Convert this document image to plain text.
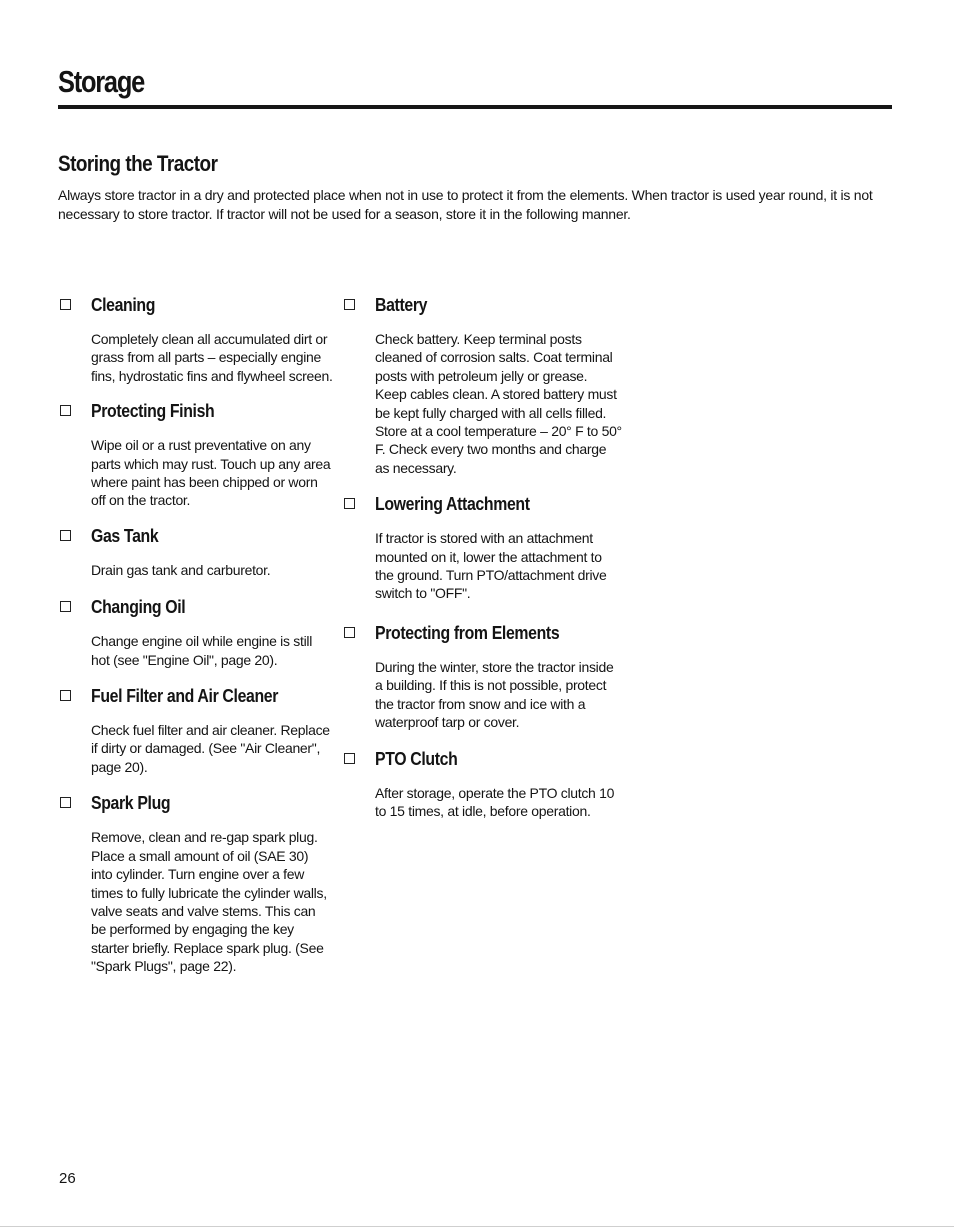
Storage
Storing the Tractor

Always store tractor in a dry and protected place when not in use to protect it from the elements. When tractor is used year round, it is not necessary to store tractor. If tractor will not be used for a season, store it in the following manner.

Cleaning

Completely clean all accumulated dirt or grass from all parts – especially engine fins, hydrostatic fins and flywheel screen.

Protecting Finish

Wipe oil or a rust preventative on any parts which may rust. Touch up any area where paint has been chipped or worn off on the tractor.

Gas Tank

Drain gas tank and carburetor.

Changing Oil

Change engine oil while engine is still hot (see "Engine Oil", page 20).

Fuel Filter and Air Cleaner

Check fuel filter and air cleaner. Replace if dirty or damaged. (See "Air Cleaner", page 20).

Spark Plug

Remove, clean and re-gap spark plug. Place a small amount of oil (SAE 30) into cylinder. Turn engine over a few times to fully lubricate the cylinder walls, valve seats and valve stems. This can be performed by engaging the key starter briefly. Replace spark plug. (See "Spark Plugs", page 22).

Battery

Check battery. Keep terminal posts cleaned of corrosion salts. Coat terminal posts with petroleum jelly or grease. Keep cables clean. A stored battery must be kept fully charged with all cells filled. Store at a cool temperature – 20° F to 50° F. Check every two months and charge as necessary.

Lowering Attachment

If tractor is stored with an attachment mounted on it, lower the attachment to the ground. Turn PTO/attachment drive switch to "OFF".

Protecting from Elements

During the winter, store the tractor inside a building. If this is not possible, protect the tractor from snow and ice with a waterproof tarp or cover.

PTO Clutch

After storage, operate the PTO clutch 10 to 15 times, at idle, before operation.

26
